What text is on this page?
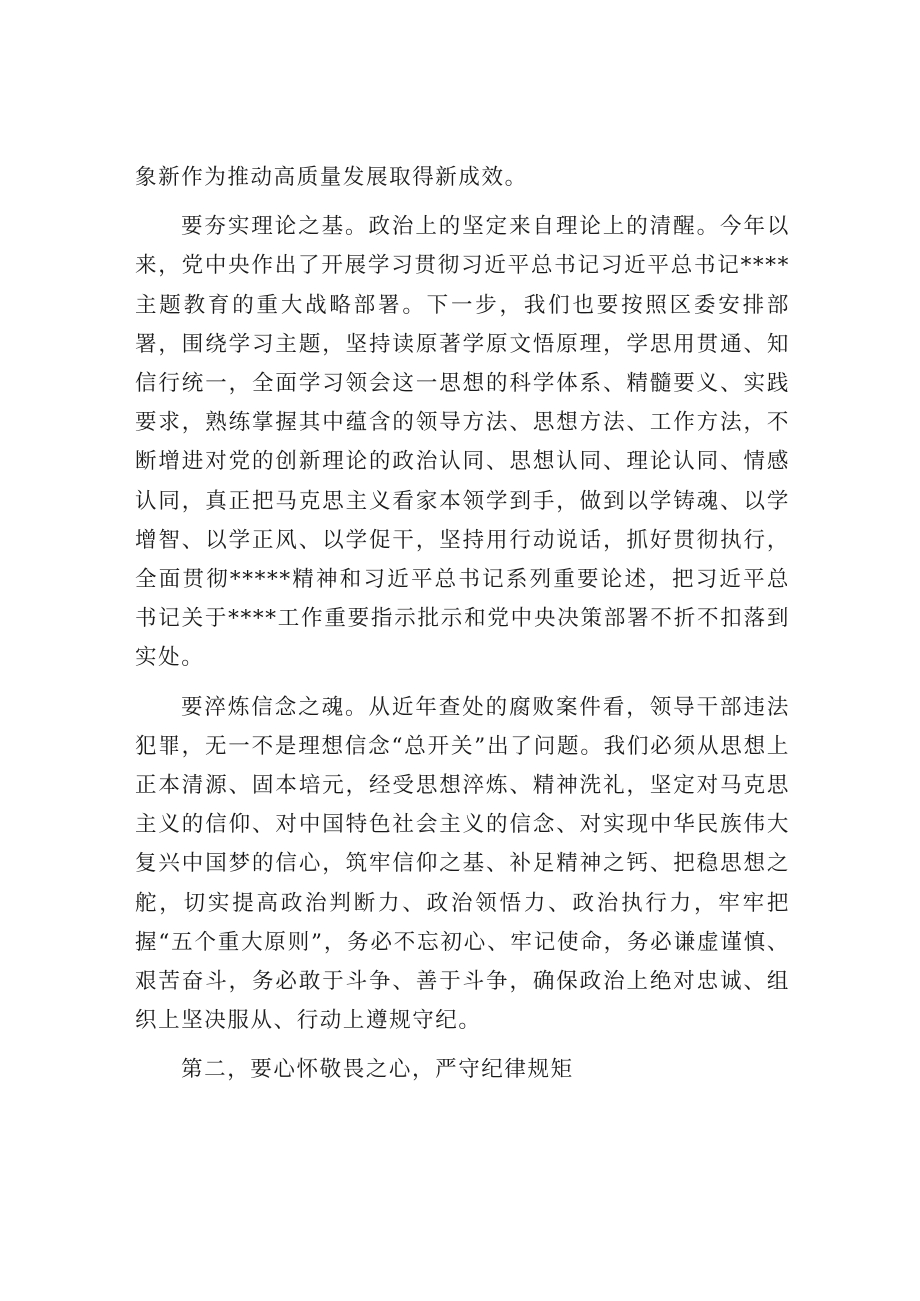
象新作为推动高质量发展取得新成效。

要夯实理论之基。政治上的坚定来自理论上的清醒。今年以来，党中央作出了开展学习贯彻习近平总书记习近平总书记****主题教育的重大战略部署。下一步，我们也要按照区委安排部署，围绕学习主题，坚持读原著学原文悟原理，学思用贯通、知信行统一，全面学习领会这一思想的科学体系、精髓要义、实践要求，熟练掌握其中蕴含的领导方法、思想方法、工作方法，不断增进对党的创新理论的政治认同、思想认同、理论认同、情感认同，真正把马克思主义看家本领学到手，做到以学铸魂、以学增智、以学正风、以学促干，坚持用行动说话，抓好贯彻执行，全面贯彻*****精神和习近平总书记系列重要论述，把习近平总书记关于****工作重要指示批示和党中央决策部署不折不扣落到实处。

要淬炼信念之魂。从近年查处的腐败案件看，领导干部违法犯罪，无一不是理想信念“总开关”出了问题。我们必须从思想上正本清源、固本培元，经受思想淬炼、精神洗礼，坚定对马克思主义的信仰、对中国特色社会主义的信念、对实现中华民族伟大复兴中国梦的信心，筑牢信仰之基、补足精神之钙、把稳思想之舵，切实提高政治判断力、政治领悟力、政治执行力，牢牢把握“五个重大原则”，务必不忘初心、牢记使命，务必谦虚谨慎、艰苦奋斗，务必敢于斗争、善于斗争，确保政治上绝对忠诚、组织上坚决服从、行动上遵规守纪。

第二，要心怀敬畏之心，严守纪律规矩
